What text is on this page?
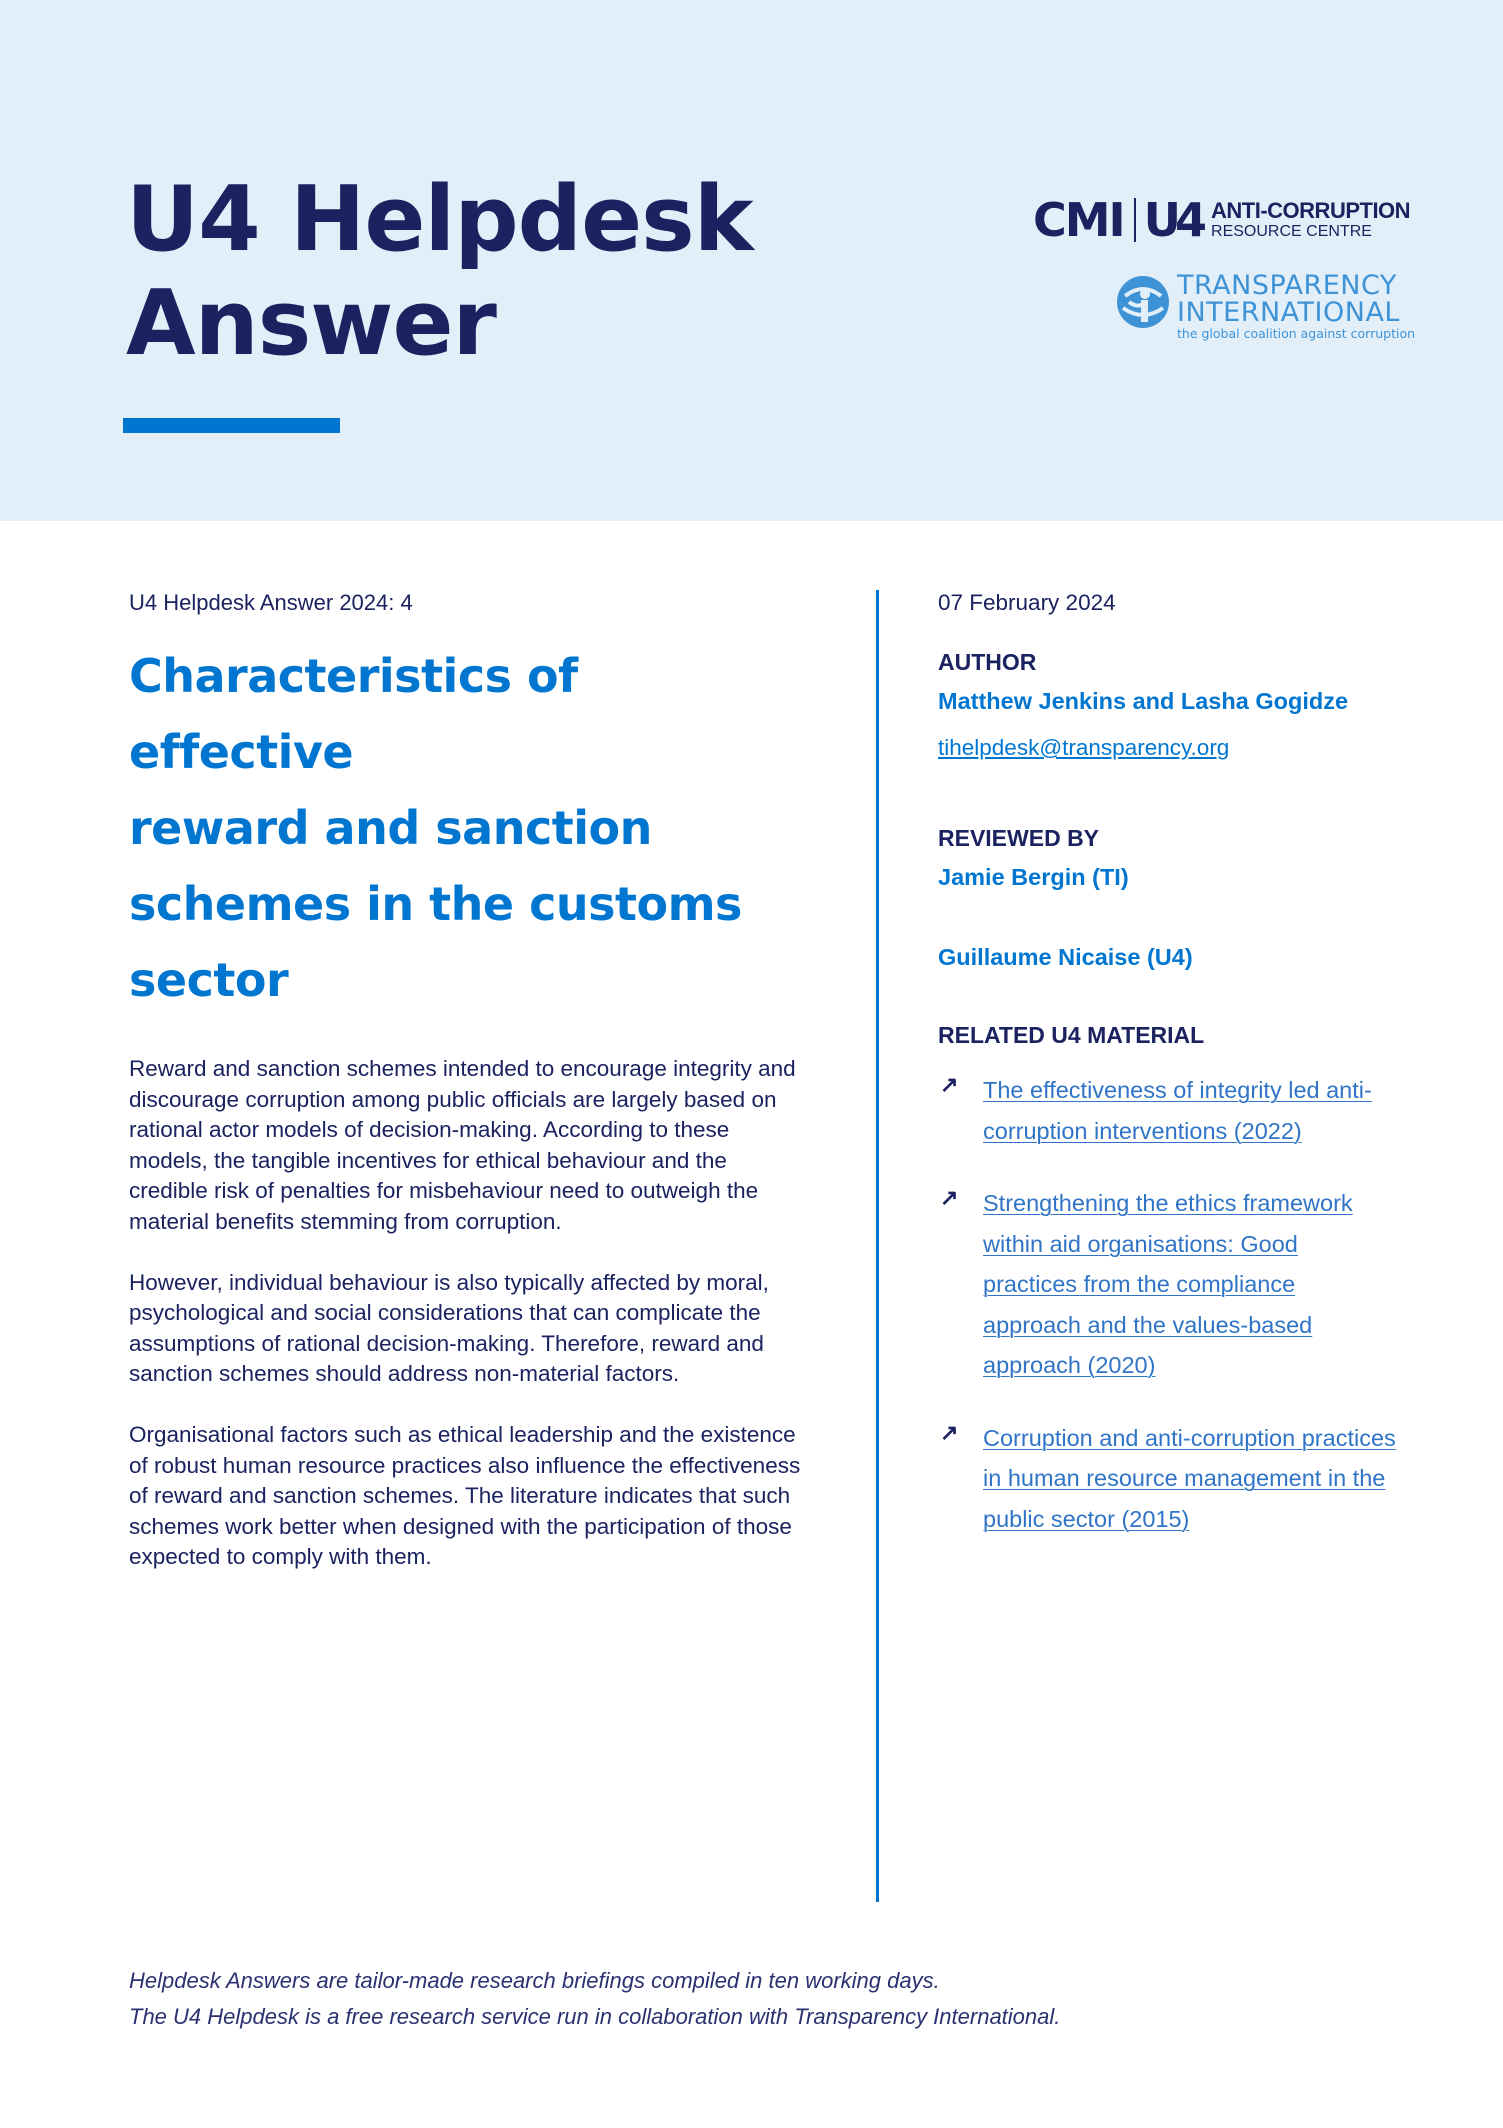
U4 Helpdesk
Answer
CMI U4 ANTI-CORRUPTION
RESOURCE CENTRE
TRANSPARENCY
INTERNATIONAL
the global coalition against corruption
U4 Helpdesk Answer 2024: 4
Characteristics of effective
reward and sanction
schemes in the customs
sector

Reward and sanction schemes intended to encourage integrity and discourage corruption among public officials are largely based on rational actor models of decision-making. According to these models, the tangible incentives for ethical behaviour and the credible risk of penalties for misbehaviour need to outweigh the material benefits stemming from corruption.

However, individual behaviour is also typically affected by moral, psychological and social considerations that can complicate the assumptions of rational decision-making. Therefore, reward and sanction schemes should address non-material factors.

Organisational factors such as ethical leadership and the existence of robust human resource practices also influence the effectiveness of reward and sanction schemes. The literature indicates that such schemes work better when designed with the participation of those expected to comply with them.

07 February 2024
AUTHOR
Matthew Jenkins and Lasha Gogidze
tihelpdesk@transparency.org
REVIEWED BY
Jamie Bergin (TI)
Guillaume Nicaise (U4)
RELATED U4 MATERIAL
↗ The effectiveness of integrity led anti-corruption interventions (2022)
↗ Strengthening the ethics framework within aid organisations: Good practices from the compliance approach and the values-based approach (2020)
↗ Corruption and anti-corruption practices in human resource management in the public sector (2015)

Helpdesk Answers are tailor-made research briefings compiled in ten working days.

The U4 Helpdesk is a free research service run in collaboration with Transparency International.
